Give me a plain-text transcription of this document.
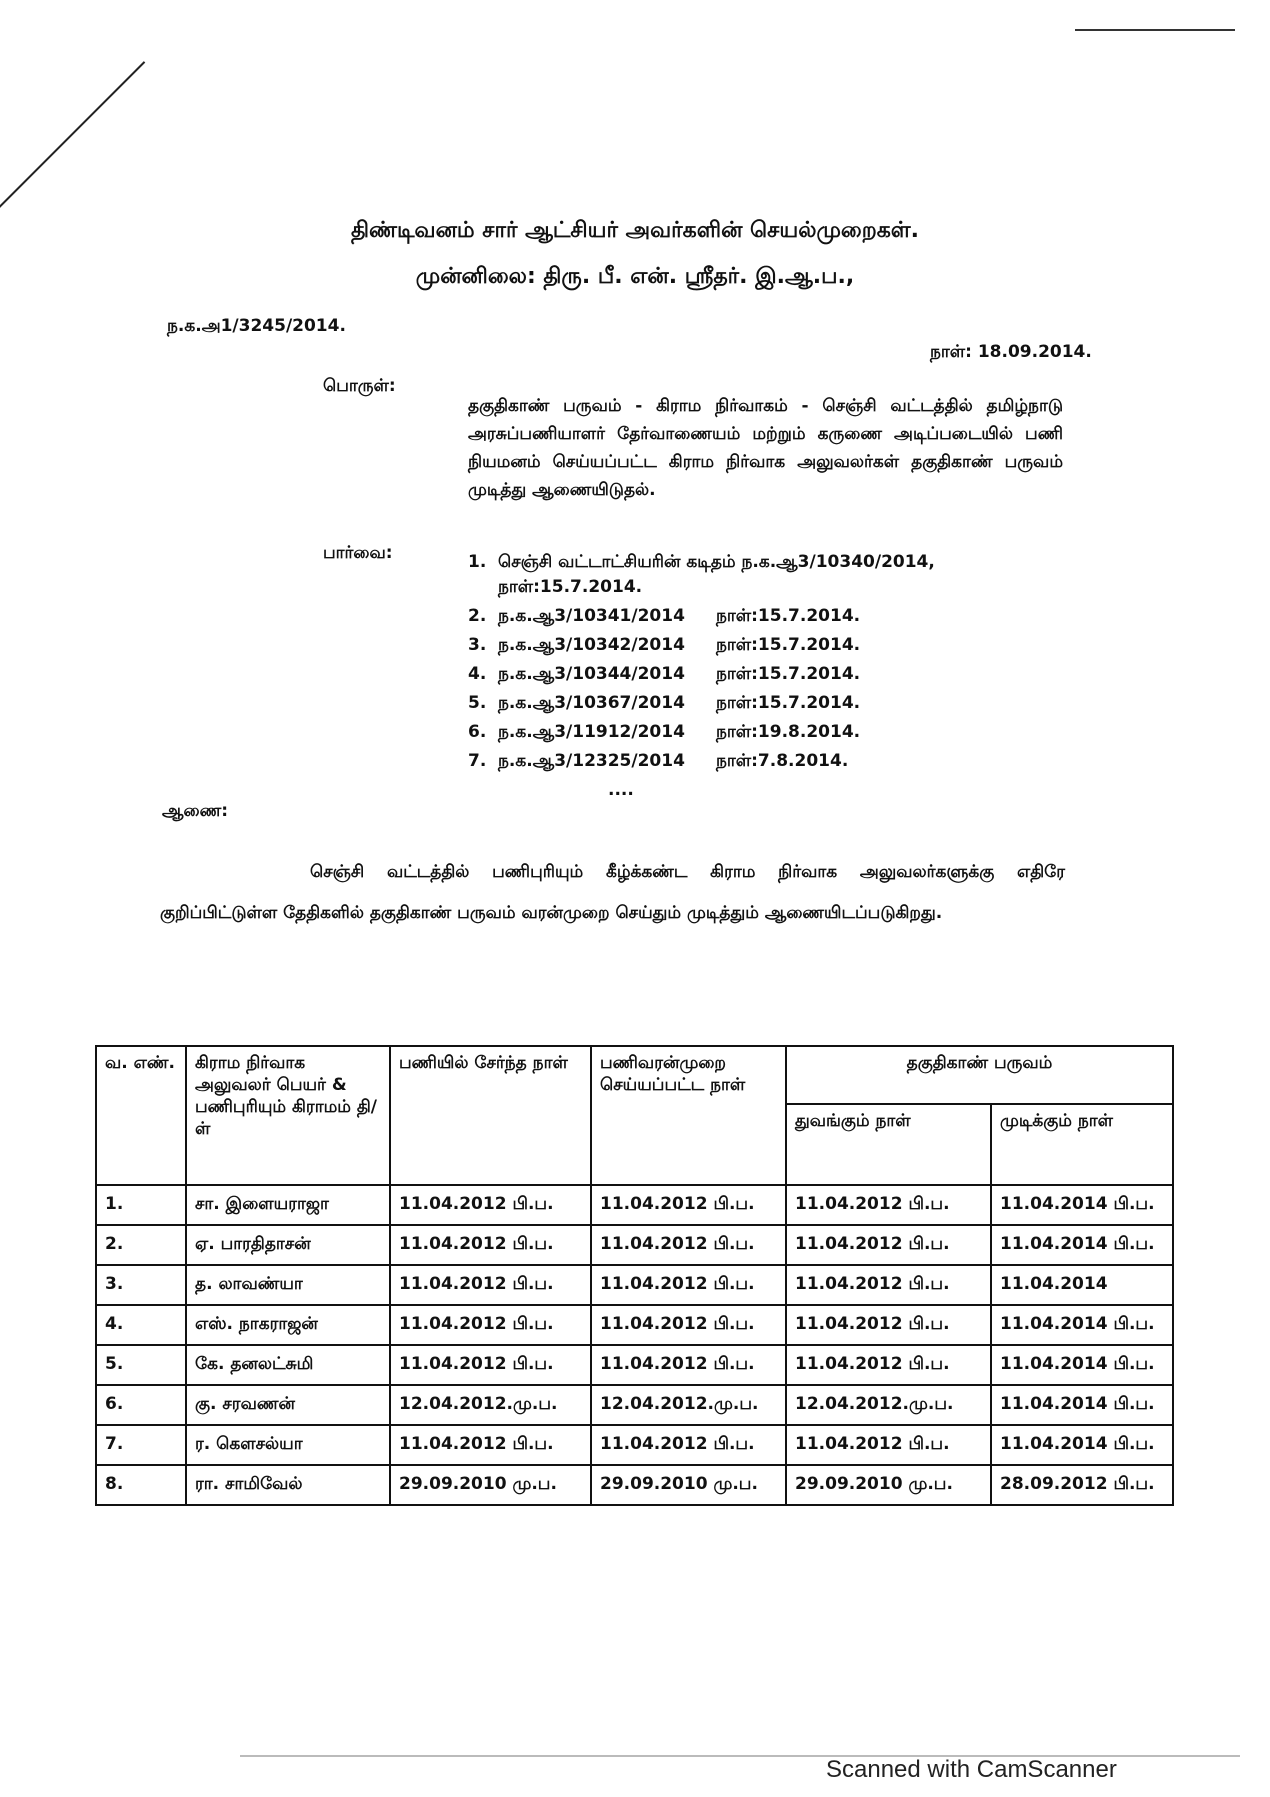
திண்டிவனம் சார் ஆட்சியர் அவர்களின் செயல்முறைகள்.
முன்னிலை: திரு. பீ. என். ஸ்ரீதர். இ.ஆ.ப.,
ந.க.அ1/3245/2014.
நாள்: 18.09.2014.
பொருள்:
தகுதிகாண் பருவம் - கிராம நிர்வாகம் - செஞ்சி வட்டத்தில் தமிழ்நாடு அரசுப்பணியாளர் தேர்வாணையம் மற்றும் கருணை அடிப்படையில் பணி நியமனம் செய்யப்பட்ட கிராம நிர்வாக அலுவலர்கள் தகுதிகாண் பருவம் முடித்து ஆணையிடுதல்.
பார்வை:	1. செஞ்சி வட்டாட்சியரின் கடிதம் ந.க.ஆ3/10340/2014,
நாள்:15.7.2014.
2. ந.க.ஆ3/10341/2014 நாள்:15.7.2014.
3. ந.க.ஆ3/10342/2014 நாள்:15.7.2014.
4. ந.க.ஆ3/10344/2014 நாள்:15.7.2014.
5. ந.க.ஆ3/10367/2014 நாள்:15.7.2014.
6. ந.க.ஆ3/11912/2014 நாள்:19.8.2014.
7. ந.க.ஆ3/12325/2014 நாள்:7.8.2014.
....
ஆணை:
செஞ்சி வட்டத்தில் பணிபுரியும் கீழ்க்கண்ட கிராம நிர்வாக அலுவலர்களுக்கு எதிரே குறிப்பிட்டுள்ள தேதிகளில் தகுதிகாண் பருவம் வரன்முறை செய்தும் முடித்தும் ஆணையிடப்படுகிறது.
வ. எண்.	கிராம நிர்வாக அலுவலர் பெயர் & பணிபுரியும் கிராமம் தி/ள்	பணியில் சேர்ந்த நாள்	பணிவரன்முறை செய்யப்பட்ட நாள்	தகுதிகாண் பருவம்	
				துவங்கும் நாள்	முடிக்கும் நாள்
1.	சா. இளையராஜா	11.04.2012 பி.ப.	11.04.2012 பி.ப.	11.04.2012 பி.ப.	11.04.2014 பி.ப.
2.	ஏ. பாரதிதாசன்	11.04.2012 பி.ப.	11.04.2012 பி.ப.	11.04.2012 பி.ப.	11.04.2014 பி.ப.
3.	த. லாவண்யா	11.04.2012 பி.ப.	11.04.2012 பி.ப.	11.04.2012 பி.ப.	11.04.2014
4.	எஸ். நாகராஜன்	11.04.2012 பி.ப.	11.04.2012 பி.ப.	11.04.2012 பி.ப.	11.04.2014 பி.ப.
5.	கே. தனலட்சுமி	11.04.2012 பி.ப.	11.04.2012 பி.ப.	11.04.2012 பி.ப.	11.04.2014 பி.ப.
6.	கு. சரவணன்	12.04.2012.மு.ப.	12.04.2012.மு.ப.	12.04.2012.மு.ப.	11.04.2014 பி.ப.
7.	ர. கௌசல்யா	11.04.2012 பி.ப.	11.04.2012 பி.ப.	11.04.2012 பி.ப.	11.04.2014 பி.ப.
8.	ரா. சாமிவேல்	29.09.2010 மு.ப.	29.09.2010 மு.ப.	29.09.2010 மு.ப.	28.09.2012 பி.ப.
Scanned with CamScanner
